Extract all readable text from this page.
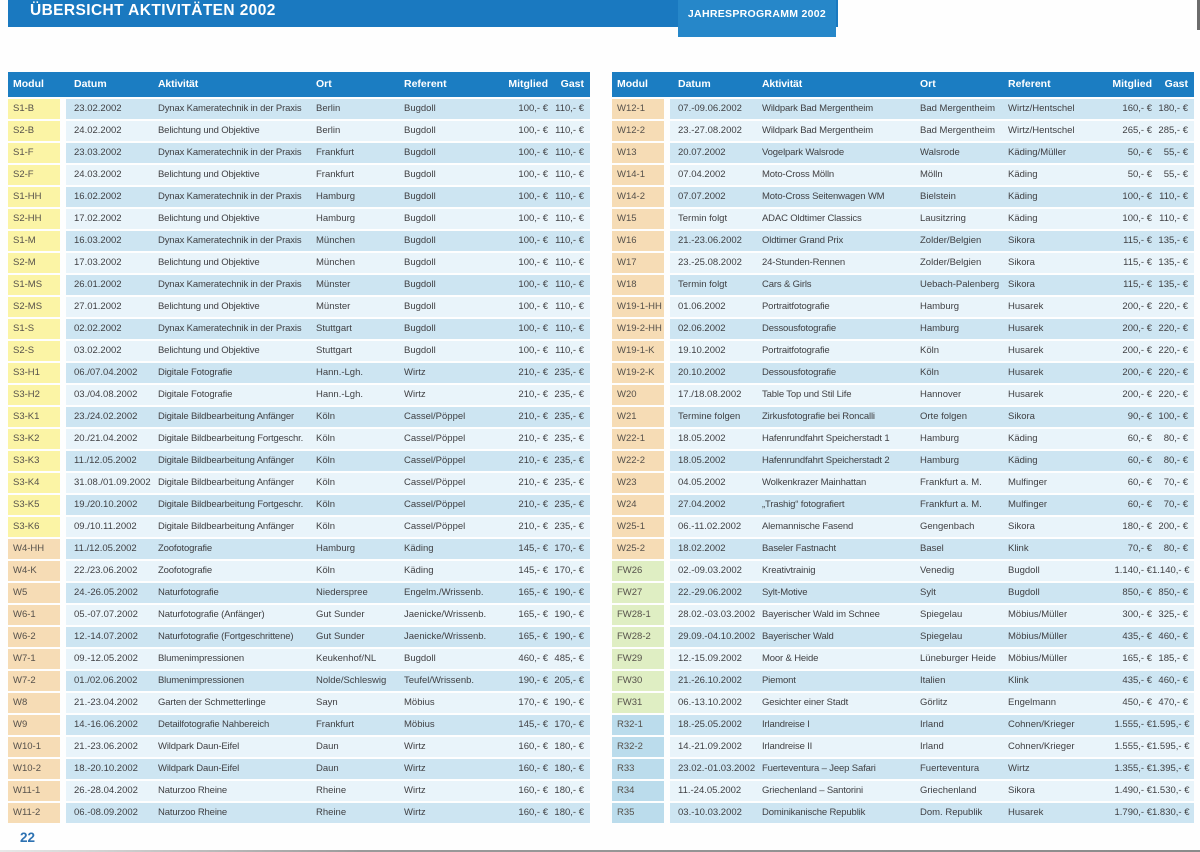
ÜBERSICHT AKTIVITÄTEN 2002	JAHRESPROGRAMM 2002
Modul	Datum	Aktivität	Ort	Referent	Mitglied	Gast
S1-B	23.02.2002	Dynax Kameratechnik in der Praxis	Berlin	Bugdoll	100,- € 110,- €
S2-B	24.02.2002	Belichtung und Objektive	Berlin	Bugdoll	100,- € 110,- €
S1-F	23.03.2002	Dynax Kameratechnik in der Praxis	Frankfurt	Bugdoll	100,- € 110,- €
S2-F	24.03.2002	Belichtung und Objektive	Frankfurt	Bugdoll	100,- € 110,- €
S1-HH	16.02.2002	Dynax Kameratechnik in der Praxis	Hamburg	Bugdoll	100,- € 110,- €
S2-HH	17.02.2002	Belichtung und Objektive	Hamburg	Bugdoll	100,- € 110,- €
S1-M	16.03.2002	Dynax Kameratechnik in der Praxis	München	Bugdoll	100,- € 110,- €
S2-M	17.03.2002	Belichtung und Objektive	München	Bugdoll	100,- € 110,- €
S1-MS	26.01.2002	Dynax Kameratechnik in der Praxis	Münster	Bugdoll	100,- € 110,- €
S2-MS	27.01.2002	Belichtung und Objektive	Münster	Bugdoll	100,- € 110,- €
S1-S	02.02.2002	Dynax Kameratechnik in der Praxis	Stuttgart	Bugdoll	100,- € 110,- €
S2-S	03.02.2002	Belichtung und Objektive	Stuttgart	Bugdoll	100,- € 110,- €
S3-H1	06./07.04.2002	Digitale Fotografie	Hann.-Lgh.	Wirtz	210,- € 235,- €
S3-H2	03./04.08.2002	Digitale Fotografie	Hann.-Lgh.	Wirtz	210,- € 235,- €
S3-K1	23./24.02.2002	Digitale Bildbearbeitung Anfänger	Köln	Cassel/Pöppel	210,- € 235,- €
S3-K2	20./21.04.2002	Digitale Bildbearbeitung Fortgeschr.	Köln	Cassel/Pöppel	210,- € 235,- €
S3-K3	11./12.05.2002	Digitale Bildbearbeitung Anfänger	Köln	Cassel/Pöppel	210,- € 235,- €
S3-K4	31.08./01.09.2002 Digitale Bildbearbeitung Anfänger	Köln	Cassel/Pöppel	210,- € 235,- €
S3-K5	19./20.10.2002	Digitale Bildbearbeitung Fortgeschr.	Köln	Cassel/Pöppel	210,- € 235,- €
S3-K6	09./10.11.2002	Digitale Bildbearbeitung Anfänger	Köln	Cassel/Pöppel	210,- € 235,- €
W4-HH	11./12.05.2002	Zoofotografie	Hamburg	Käding	145,- € 170,- €
W4-K	22./23.06.2002	Zoofotografie	Köln	Käding	145,- € 170,- €
W5	24.-26.05.2002	Naturfotografie	Niederspree	Engelm./Wrissenb.	165,- € 190,- €
W6-1	05.-07.07.2002	Naturfotografie (Anfänger)	Gut Sunder	Jaenicke/Wrissenb.	165,- € 190,- €
W6-2	12.-14.07.2002	Naturfotografie (Fortgeschrittene)	Gut Sunder	Jaenicke/Wrissenb.	165,- € 190,- €
W7-1	09.-12.05.2002	Blumenimpressionen	Keukenhof/NL	Bugdoll	460,- € 485,- €
W7-2	01./02.06.2002	Blumenimpressionen	Nolde/Schleswig	Teufel/Wrissenb.	190,- € 205,- €
W8	21.-23.04.2002	Garten der Schmetterlinge	Sayn	Möbius	170,- € 190,- €
W9	14.-16.06.2002	Detailfotografie Nahbereich	Frankfurt	Möbius	145,- € 170,- €
W10-1	21.-23.06.2002	Wildpark Daun-Eifel	Daun	Wirtz	160,- € 180,- €
W10-2	18.-20.10.2002	Wildpark Daun-Eifel	Daun	Wirtz	160,- € 180,- €
W11-1	26.-28.04.2002	Naturzoo Rheine	Rheine	Wirtz	160,- € 180,- €
W11-2	06.-08.09.2002	Naturzoo Rheine	Rheine	Wirtz	160,- € 180,- €
Modul	Datum	Aktivität	Ort	Referent	Mitglied	Gast
W12-1	07.-09.06.2002	Wildpark Bad Mergentheim	Bad Mergentheim	Wirtz/Hentschel	160,- € 180,- €
W12-2	23.-27.08.2002	Wildpark Bad Mergentheim	Bad Mergentheim	Wirtz/Hentschel	265,- € 285,- €
W13	20.07.2002	Vogelpark Walsrode	Walsrode	Käding/Müller	50,- €	55,- €
W14-1	07.04.2002	Moto-Cross Mölln	Mölln	Käding	50,- €	55,- €
W14-2	07.07.2002	Moto-Cross Seitenwagen WM	Bielstein	Käding	100,- € 110,- €
W15	Termin folgt	ADAC Oldtimer Classics	Lausitzring	Käding	100,- € 110,- €
W16	21.-23.06.2002	Oldtimer Grand Prix	Zolder/Belgien	Sikora	115,- € 135,- €
W17	23.-25.08.2002	24-Stunden-Rennen	Zolder/Belgien	Sikora	115,- € 135,- €
W18	Termin folgt	Cars & Girls	Uebach-Palenberg Sikora	115,- € 135,- €
W19-1-HH	01.06.2002	Portraitfotografie	Hamburg	Husarek	200,- € 220,- €
W19-2-HH	02.06.2002	Dessousfotografie	Hamburg	Husarek	200,- € 220,- €
W19-1-K	19.10.2002	Portraitfotografie	Köln	Husarek	200,- € 220,- €
W19-2-K	20.10.2002	Dessousfotografie	Köln	Husarek	200,- € 220,- €
W20	17./18.08.2002	Table Top und Stil Life	Hannover	Husarek	200,- € 220,- €
W21	Termine folgen	Zirkusfotografie bei Roncalli	Orte folgen	Sikora	90,- € 100,- €
W22-1	18.05.2002	Hafenrundfahrt Speicherstadt 1	Hamburg	Käding	60,- €	80,- €
W22-2	18.05.2002	Hafenrundfahrt Speicherstadt 2	Hamburg	Käding	60,- €	80,- €
W23	04.05.2002	Wolkenkrazer Mainhattan	Frankfurt a. M.	Mulfinger	60,- €	70,- €
W24	27.04.2002	„Trashig“ fotografiert	Frankfurt a. M.	Mulfinger	60,- €	70,- €
W25-1	06.-11.02.2002	Alemannische Fasend	Gengenbach	Sikora	180,- € 200,- €
W25-2	18.02.2002	Baseler Fastnacht	Basel	Klink	70,- €	80,- €
FW26	02.-09.03.2002	Kreativtrainig	Venedig	Bugdoll	1.140,- € 1.140,- €
FW27	22.-29.06.2002	Sylt-Motive	Sylt	Bugdoll	850,- € 850,- €
FW28-1	28.02.-03.03.2002 Bayerischer Wald im Schnee	Spiegelau	Möbius/Müller	300,- € 325,- €
FW28-2	29.09.-04.10.2002 Bayerischer Wald	Spiegelau	Möbius/Müller	435,- € 460,- €
FW29	12.-15.09.2002	Moor & Heide	Lüneburger Heide	Möbius/Müller	165,- € 185,- €
FW30	21.-26.10.2002	Piemont	Italien	Klink	435,- € 460,- €
FW31	06.-13.10.2002	Gesichter einer Stadt	Görlitz	Engelmann	450,- € 470,- €
R32-1	18.-25.05.2002	Irlandreise I	Irland	Cohnen/Krieger	1.555,- € 1.595,- €
R32-2	14.-21.09.2002	Irlandreise II	Irland	Cohnen/Krieger	1.555,- € 1.595,- €
R33	23.02.-01.03.2002 Fuerteventura – Jeep Safari	Fuerteventura	Wirtz	1.355,- € 1.395,- €
R34	11.-24.05.2002	Griechenland – Santorini	Griechenland	Sikora	1.490,- € 1.530,- €
R35	03.-10.03.2002	Dominikanische Republik	Dom. Republik	Husarek	1.790,- € 1.830,- €
22
